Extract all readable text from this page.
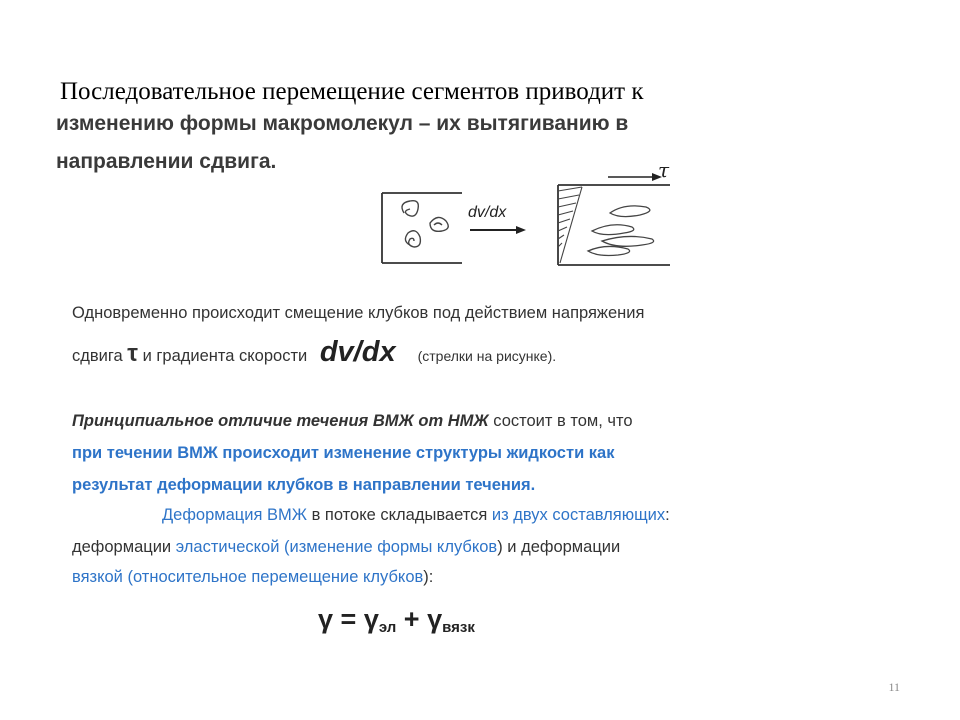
Последовательное перемещение сегментов приводит к
изменению формы макромолекул – их вытягиванию в
направлении сдвига.
dv/dx
τ
Одновременно происходит смещение клубков под действием напряжения
сдвига τ и градиента скорости dv/dx (стрелки на рисунке).
Принципиальное отличие течения ВМЖ от НМЖ состоит в том, что
при течении ВМЖ происходит изменение структуры жидкости как
результат деформации клубков в направлении течения.
Деформация ВМЖ в потоке складывается из двух составляющих:
деформации эластической (изменение формы клубков) и деформации
вязкой (относительное перемещение клубков):
$\gamma = \gamma_{эл} + \gamma_{вязк}$
11
